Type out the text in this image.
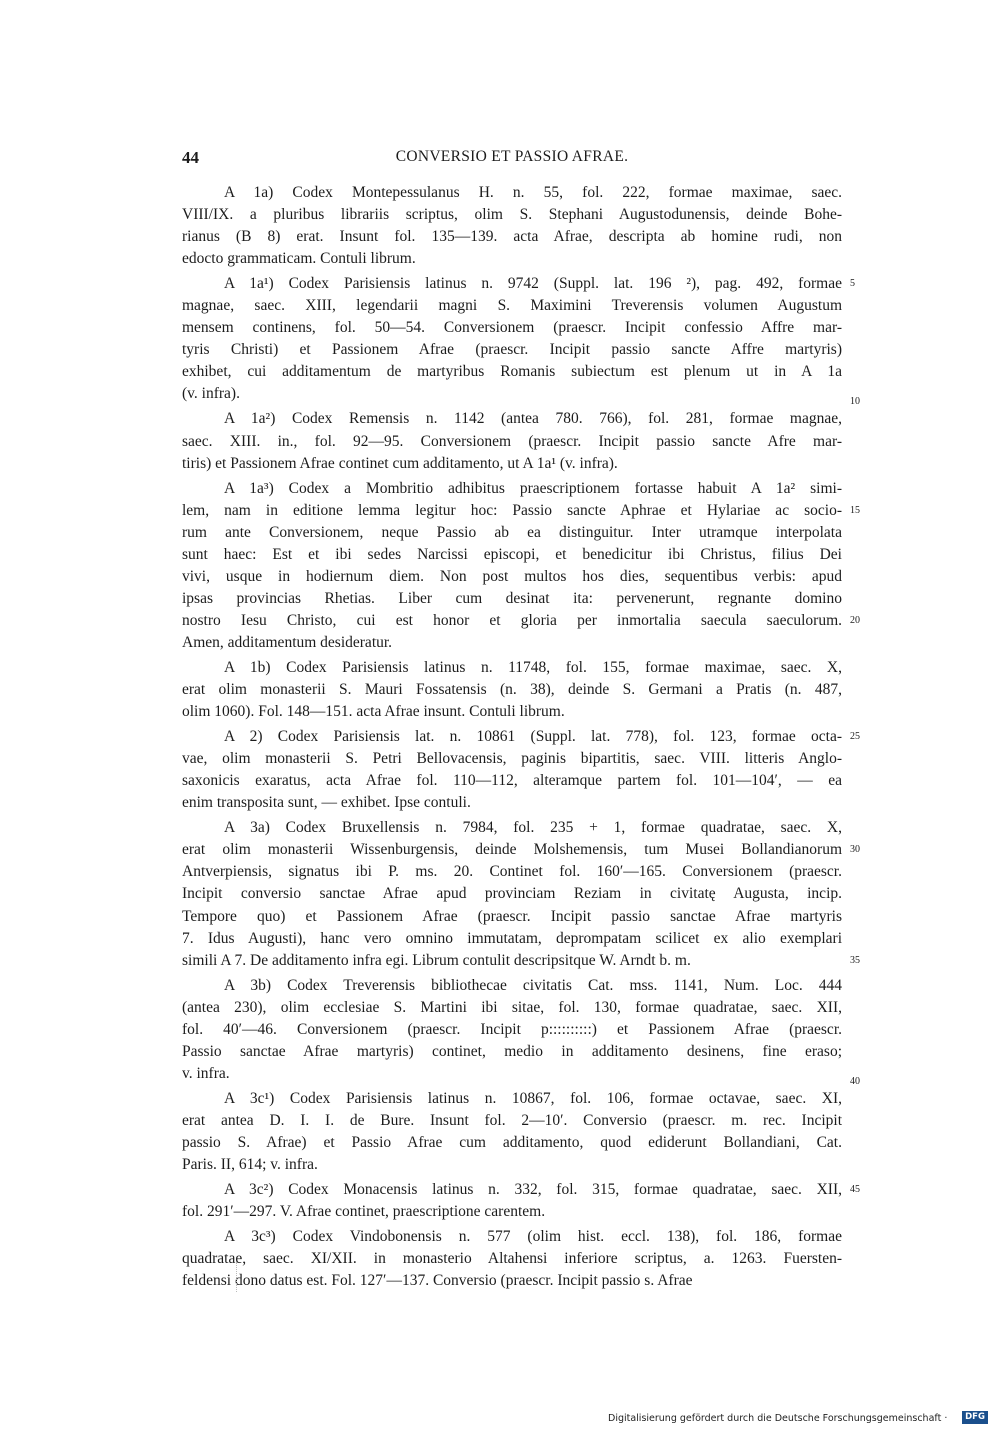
44	CONVERSIO ET PASSIO AFRAE.
A 1a) Codex Montepessulanus H. n. 55, fol. 222, formae maximae, saec.
VIII/IX. a pluribus librariis scriptus, olim S. Stephani Augustodunensis, deinde Bohe-
rianus (B 8) erat. Insunt fol. 135—139. acta Afrae, descripta ab homine rudi, non
edocto grammaticam. Contuli librum.
A 1a¹) Codex Parisiensis latinus n. 9742 (Suppl. lat. 196 ²), pag. 492, formae 5
magnae, saec. XIII, legendarii magni S. Maximini Treverensis volumen Augustum
mensem continens, fol. 50—54. Conversionem (praescr. Incipit confessio Affre mar-
tyris Christi) et Passionem Afrae (praescr. Incipit passio sancte Affre martyris)
exhibet, cui additamentum de martyribus Romanis subiectum est plenum ut in A 1a
(v. infra).	10
A 1a²) Codex Remensis n. 1142 (antea 780. 766), fol. 281, formae magnae,
saec. XIII. in., fol. 92—95. Conversionem (praescr. Incipit passio sancte Afre mar-
tiris) et Passionem Afrae continet cum additamento, ut A 1a¹ (v. infra).
A 1a³) Codex a Mombritio adhibitus praescriptionem fortasse habuit A 1a² simi-
lem, nam in editione lemma legitur hoc: Passio sancte Aphrae et Hylariae ac socio- 15
rum ante Conversionem, neque Passio ab ea distinguitur. Inter utramque interpolata
sunt haec: Est et ibi sedes Narcissi episcopi, et benedicitur ibi Christus, filius Dei
vivi, usque in hodiernum diem. Non post multos hos dies, sequentibus verbis: apud
ipsas provincias Rhetias. Liber cum desinat ita: pervenerunt, regnante domino
nostro Iesu Christo, cui est honor et gloria per inmortalia saecula saeculorum. 20
Amen, additamentum desideratur.
A 1b) Codex Parisiensis latinus n. 11748, fol. 155, formae maximae, saec. X,
erat olim monasterii S. Mauri Fossatensis (n. 38), deinde S. Germani a Pratis (n. 487,
olim 1060). Fol. 148—151. acta Afrae insunt. Contuli librum.
A 2) Codex Parisiensis lat. n. 10861 (Suppl. lat. 778), fol. 123, formae octa- 25
vae, olim monasterii S. Petri Bellovacensis, paginis bipartitis, saec. VIII. litteris Anglo-
saxonicis exaratus, acta Afrae fol. 110—112, alteramque partem fol. 101—104′, — ea
enim transposita sunt, — exhibet. Ipse contuli.
A 3a) Codex Bruxellensis n. 7984, fol. 235 + 1, formae quadratae, saec. X,
erat olim monasterii Wissenburgensis, deinde Molshemensis, tum Musei Bollandianorum 30
Antverpiensis, signatus ibi P. ms. 20. Continet fol. 160′—165. Conversionem (praescr.
Incipit conversio sanctae Afrae apud provinciam Reziam in civitatę Augusta, incip.
Tempore quo) et Passionem Afrae (praescr. Incipit passio sanctae Afrae martyris
7. Idus Augusti), hanc vero omnino immutatam, deprompatam scilicet ex alio exemplari
simili A 7. De additamento infra egi. Librum contulit descripsitque W. Arndt b. m.	35
A 3b) Codex Treverensis bibliothecae civitatis Cat. mss. 1141, Num. Loc. 444
(antea 230), olim ecclesiae S. Martini ibi sitae, fol. 130, formae quadratae, saec. XII,
fol. 40′—46. Conversionem (praescr. Incipit p::::::::::) et Passionem Afrae (praescr.
Passio sanctae Afrae martyris) continet, medio in additamento desinens, fine eraso;
v. infra.	40
A 3c¹) Codex Parisiensis latinus n. 10867, fol. 106, formae octavae, saec. XI,
erat antea D. I. I. de Bure. Insunt fol. 2—10′. Conversio (praescr. m. rec. Incipit
passio S. Afrae) et Passio Afrae cum additamento, quod ediderunt Bollandiani, Cat.
Paris. II, 614; v. infra.
A 3c²) Codex Monacensis latinus n. 332, fol. 315, formae quadratae, saec. XII, 45
fol. 291′—297. V. Afrae continet, praescriptione carentem.
A 3c³) Codex Vindobonensis n. 577 (olim hist. eccl. 138), fol. 186, formae
quadratae, saec. XI/XII. in monasterio Altahensi inferiore scriptus, a. 1263. Fuersten-
feldensi dono datus est. Fol. 127′—137. Conversio (praescr. Incipit passio s. Afrae
Digitalisierung gefördert durch die Deutsche Forschungsgemeinschaft ·	DFG
